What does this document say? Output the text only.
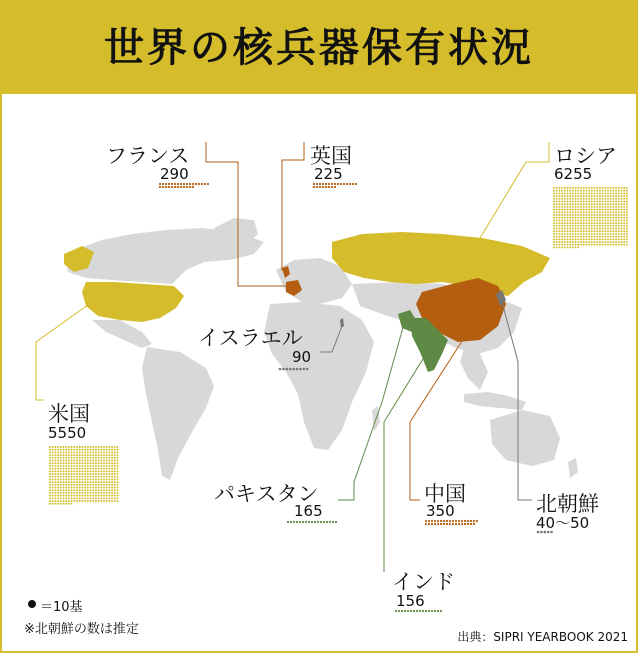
世界の核兵器保有状況
フランス
290
英国
225
ロシア
6255
米国
5550
イスラエル
90
パキスタン
165
中国
350	北朝鮮
40～50
インド
156
＝10基
※北朝鮮の数は推定	出典：SIPRI YEARBOOK 2021
